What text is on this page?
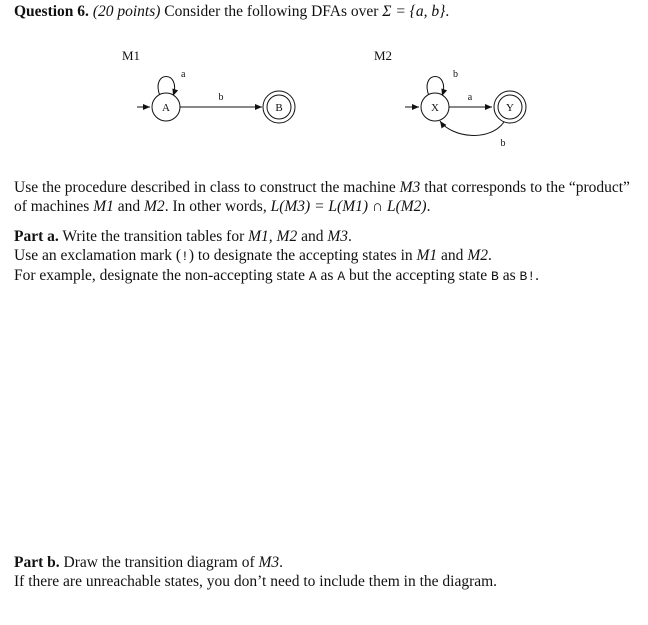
Question 6. (20 points) Consider the following DFAs over Σ = {a, b}.
M1
a
A
b
B
M2
b
X
a
Y
b
Use the procedure described in class to construct the machine M3 that corresponds to the “product”
of machines M1 and M2. In other words, L(M3) = L(M1) ∩ L(M2).
Part a. Write the transition tables for M1, M2 and M3.
Use an exclamation mark (!) to designate the accepting states in M1 and M2.
For example, designate the non-accepting state A as A but the accepting state B as B!.
Part b. Draw the transition diagram of M3.
If there are unreachable states, you don’t need to include them in the diagram.
